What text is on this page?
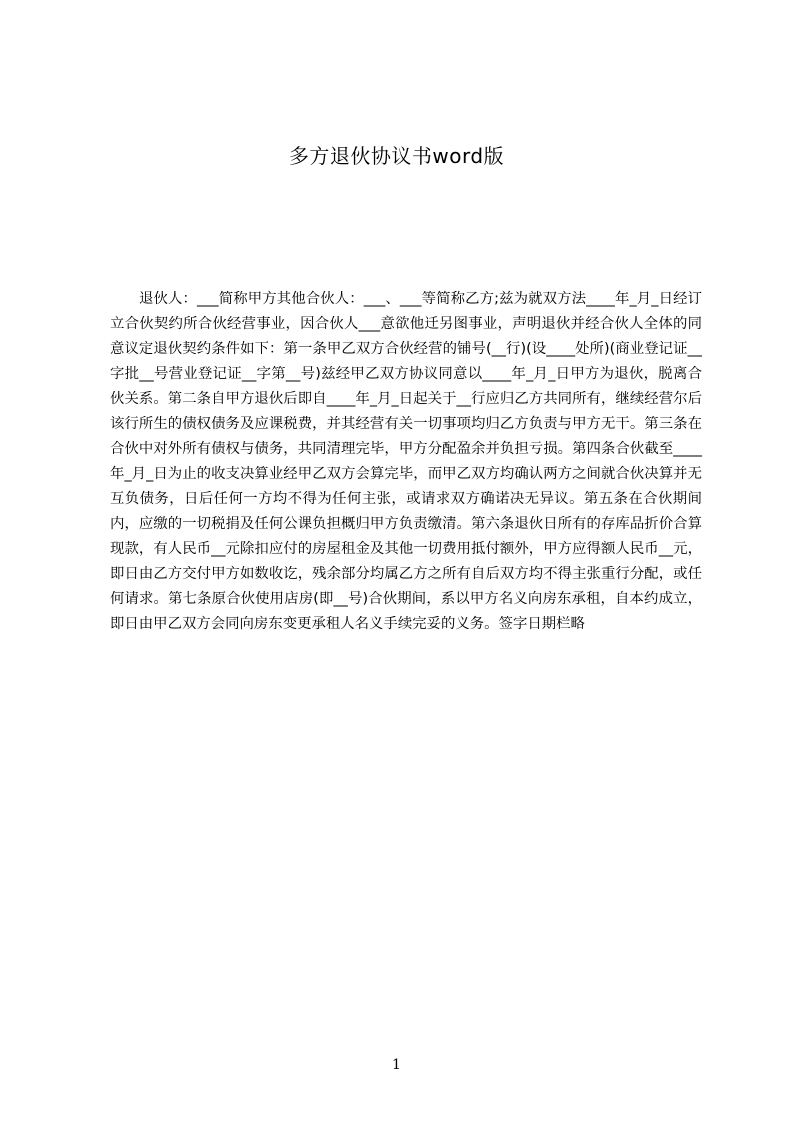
多方退伙协议书word版

退伙人：___简称甲方其他合伙人：___、___等简称乙方;兹为就双方法____年_月_日经订立合伙契约所合伙经营事业，因合伙人___意欲他迁另图事业，声明退伙并经合伙人全体的同意议定退伙契约条件如下：第一条甲乙双方合伙经营的铺号(__行)(设____处所)(商业登记证__字批__号营业登记证__字第__号)兹经甲乙双方协议同意以____年_月_日甲方为退伙，脱离合伙关系。第二条自甲方退伙后即自____年_月_日起关于__行应归乙方共同所有，继续经营尔后该行所生的债权债务及应课税费，并其经营有关一切事项均归乙方负责与甲方无干。第三条在合伙中对外所有债权与债务，共同清理完毕，甲方分配盈余并负担亏损。第四条合伙截至____年_月_日为止的收支决算业经甲乙双方会算完毕，而甲乙双方均确认两方之间就合伙决算并无互负债务，日后任何一方均不得为任何主张，或请求双方确诺决无异议。第五条在合伙期间内，应缴的一切税捐及任何公课负担概归甲方负责缴清。第六条退伙日所有的存库品折价合算现款，有人民币__元除扣应付的房屋租金及其他一切费用抵付额外，甲方应得额人民币__元，即日由乙方交付甲方如数收讫，残余部分均属乙方之所有自后双方均不得主张重行分配，或任何请求。第七条原合伙使用店房(即__号)合伙期间，系以甲方名义向房东承租，自本约成立，即日由甲乙双方会同向房东变更承租人名义手续完妥的义务。签字日期栏略

1
